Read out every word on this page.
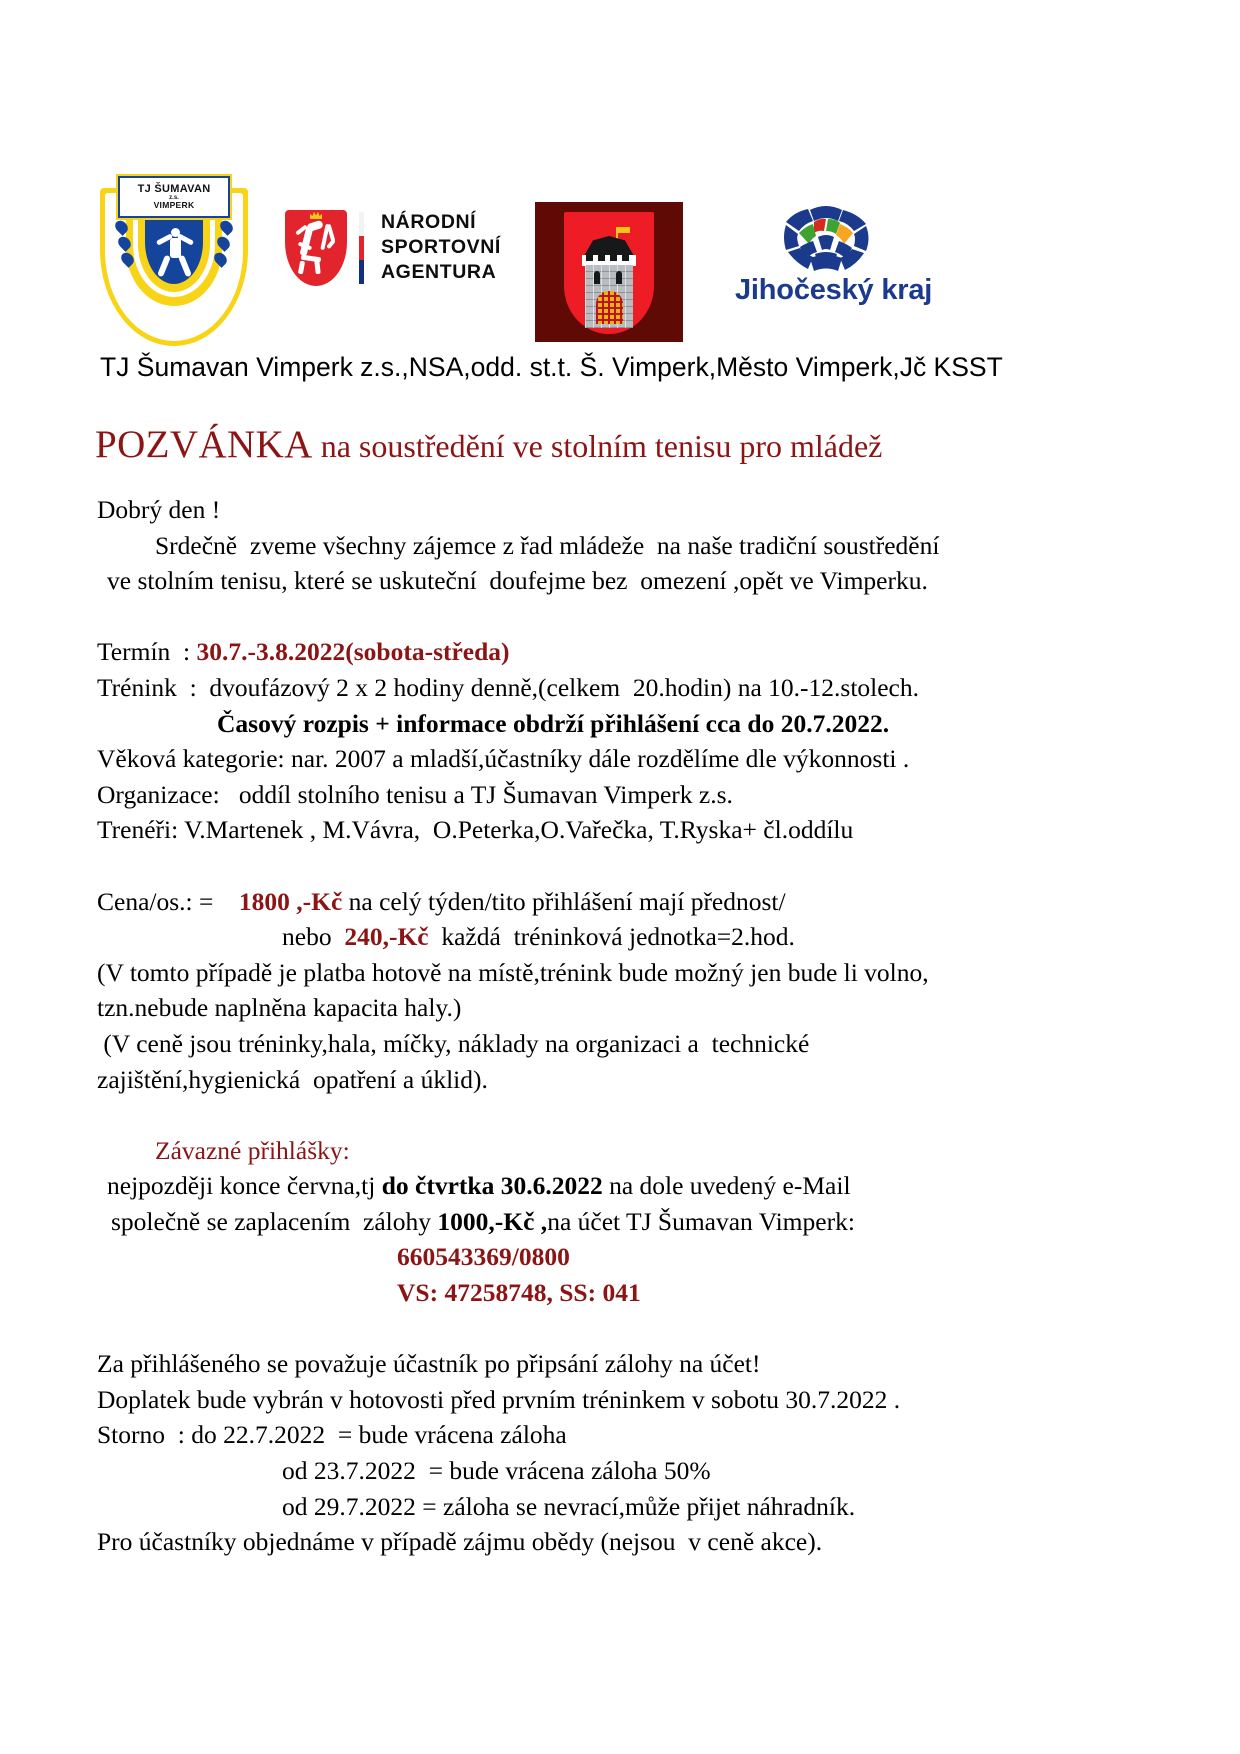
TJ ŠUMAVAN
z.s.
VIMPERK
NÁRODNÍ
SPORTOVNÍ
AGENTURA
Jihočeský kraj
TJ Šumavan Vimperk z.s.,NSA,odd. st.t. Š. Vimperk,Město Vimperk,Jč KSST
POZVÁNKA na soustředění ve stolním tenisu pro mládež

Dobrý den !

Srdečně  zveme všechny zájemce z řad mládeže  na naše tradiční soustředění

ve stolním tenisu, které se uskuteční  doufejme bez  omezení ,opět ve Vimperku.

Termín  : 30.7.-3.8.2022(sobota-středa)

Trénink  :  dvoufázový 2 x 2 hodiny denně,(celkem  20.hodin) na 10.-12.stolech.

Časový rozpis + informace obdrží přihlášení cca do 20.7.2022.

Věková kategorie: nar. 2007 a mladší,účastníky dále rozdělíme dle výkonnosti .

Organizace:   oddíl stolního tenisu a TJ Šumavan Vimperk z.s.

Trenéři: V.Martenek , M.Vávra,  O.Peterka,O.Vařečka, T.Ryska+ čl.oddílu

Cena/os.: =    1800 ,-Kč na celý týden/tito přihlášení mají přednost/

nebo  240,-Kč  každá  tréninková jednotka=2.hod.

(V tomto případě je platba hotově na místě,trénink bude možný jen bude li volno,

tzn.nebude naplněna kapacita haly.)

(V ceně jsou tréninky,hala, míčky, náklady na organizaci a  technické

zajištění,hygienická  opatření a úklid).

Závazné přihlášky:

nejpozději konce června,tj do čtvrtka 30.6.2022 na dole uvedený e-Mail

společně se zaplacením  zálohy 1000,-Kč ,na účet TJ Šumavan Vimperk:

660543369/0800

VS: 47258748, SS: 041

Za přihlášeného se považuje účastník po připsání zálohy na účet!

Doplatek bude vybrán v hotovosti před prvním tréninkem v sobotu 30.7.2022 .

Storno  : do 22.7.2022  = bude vrácena záloha

od 23.7.2022  = bude vrácena záloha 50%

od 29.7.2022 = záloha se nevrací,může přijet náhradník.

Pro účastníky objednáme v případě zájmu obědy (nejsou  v ceně akce).
